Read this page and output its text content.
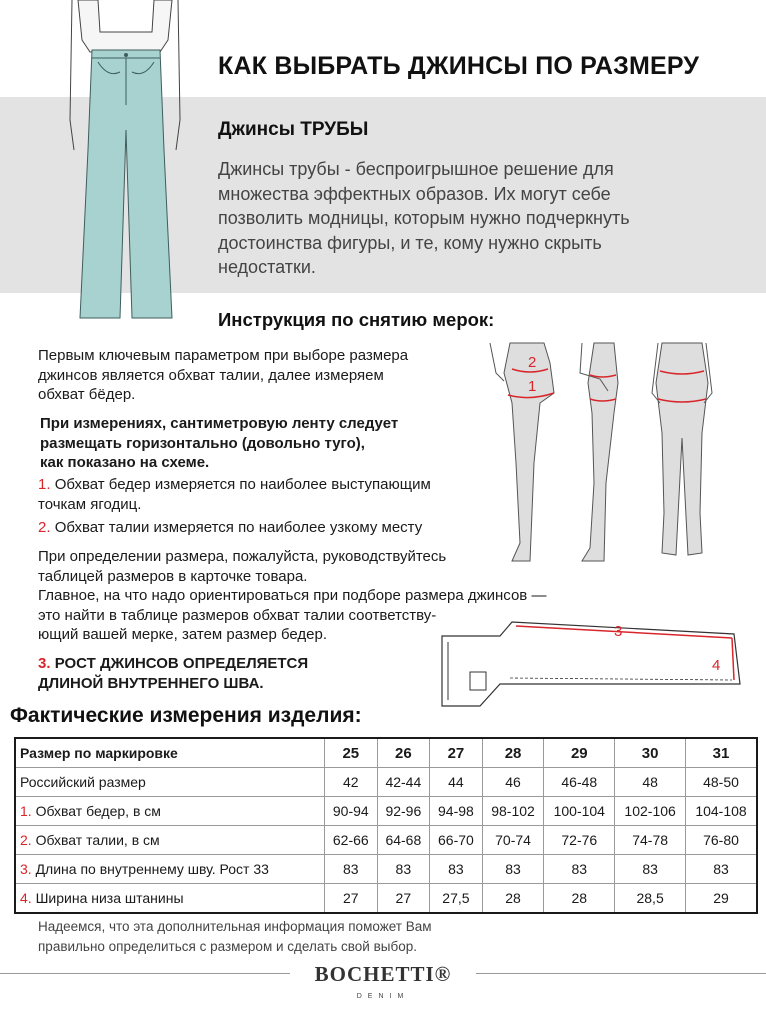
КАК ВЫБРАТЬ ДЖИНСЫ ПО РАЗМЕРУ
Джинсы ТРУБЫ
Джинсы трубы - беспроигрышное решение для
множества эффектных образов. Их могут себе
позволить модницы, которым нужно подчеркнуть
достоинства фигуры, и те, кому нужно скрыть
недостатки.
Инструкция по снятию мерок:
Первым ключевым параметром при выборе размера
джинсов является обхват талии, далее измеряем
обхват бёдер.
При измерениях, сантиметровую ленту следует
размещать горизонтально (довольно туго),
как показано на схеме.
1. Обхват бедер измеряется по наиболее выступающим
точкам ягодиц.
2. Обхват талии измеряется по наиболее узкому месту
При определении размера, пожалуйста, руководствуйтесь
таблицей размеров в карточке товара.
Главное, на что надо ориентироваться при подборе размера джинсов —
это найти в таблице размеров обхват талии соответству-
ющий вашей мерке, затем размер бедер.
3. РОСТ ДЖИНСОВ ОПРЕДЕЛЯЕТСЯ
ДЛИНОЙ ВНУТРЕННЕГО ШВА.
2
1
3
4
Фактические измерения изделия:
Размер по маркировке	25	26	27	28	29	30	31
Российский размер	42	42-44	44	46	46-48	48	48-50
1. Обхват бедер, в см	90-94	92-96	94-98	98-102	100-104	102-106	104-108
2. Обхват талии, в см	62-66	64-68	66-70	70-74	72-76	74-78	76-80
3. Длина по внутреннему шву. Рост 33	83	83	83	83	83	83	83
4. Ширина низа штанины	27	27	27,5	28	28	28,5	29
Надеемся, что эта дополнительная информация поможет Вам
правильно определиться с размером и сделать свой выбор.
BOCHETTI®
DENIM
